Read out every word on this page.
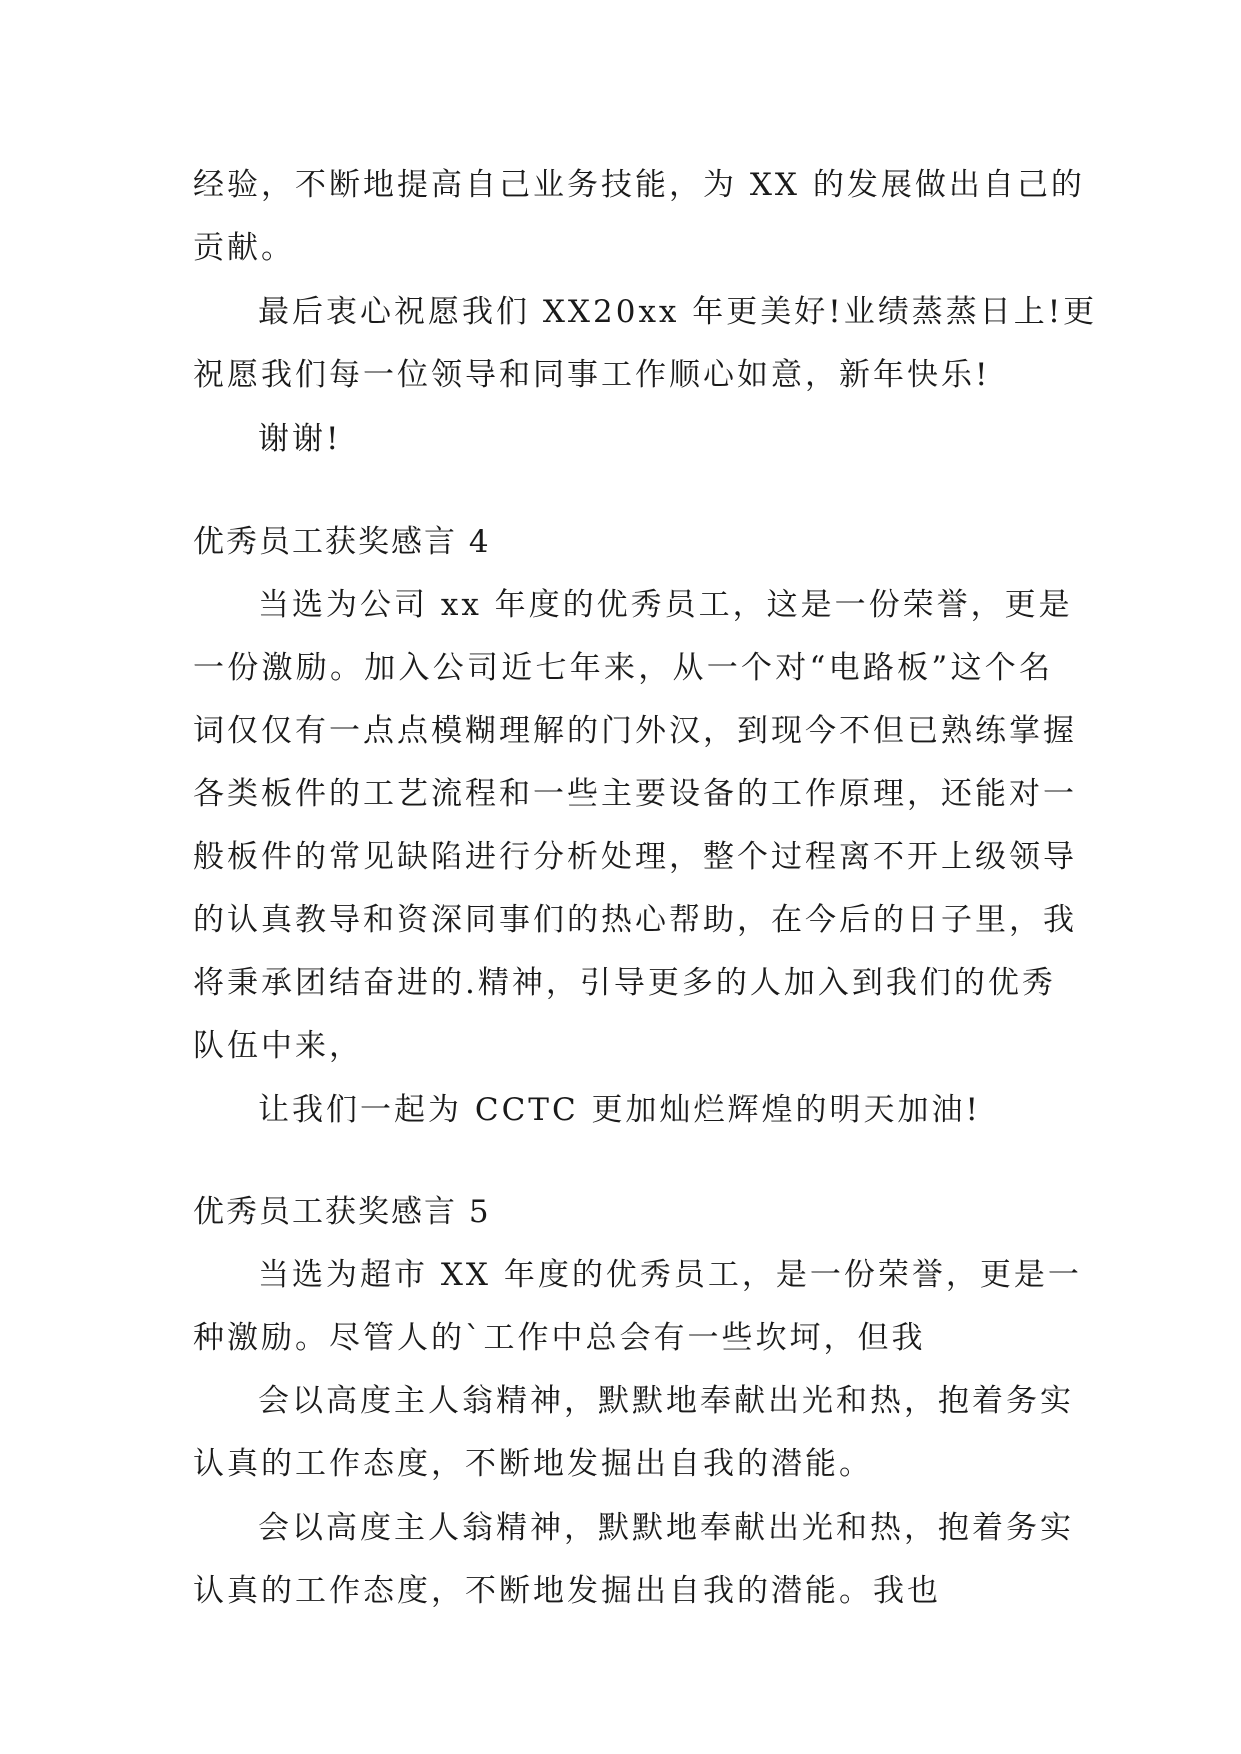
经验，不断地提高自己业务技能，为 XX 的发展做出自己的
贡献。
最后衷心祝愿我们 XX20xx 年更美好!业绩蒸蒸日上!更
祝愿我们每一位领导和同事工作顺心如意，新年快乐!
谢谢!
优秀员工获奖感言 4
当选为公司 xx 年度的优秀员工，这是一份荣誉，更是
一份激励。加入公司近七年来，从一个对“电路板”这个名
词仅仅有一点点模糊理解的门外汉，到现今不但已熟练掌握
各类板件的工艺流程和一些主要设备的工作原理，还能对一
般板件的常见缺陷进行分析处理，整个过程离不开上级领导
的认真教导和资深同事们的热心帮助，在今后的日子里，我
将秉承团结奋进的.精神，引导更多的人加入到我们的优秀
队伍中来，
让我们一起为 CCTC 更加灿烂辉煌的明天加油!
优秀员工获奖感言 5
当选为超市 XX 年度的优秀员工，是一份荣誉，更是一
种激励。尽管人的`工作中总会有一些坎坷，但我
会以高度主人翁精神，默默地奉献出光和热，抱着务实
认真的工作态度，不断地发掘出自我的潜能。
会以高度主人翁精神，默默地奉献出光和热，抱着务实
认真的工作态度，不断地发掘出自我的潜能。我也
